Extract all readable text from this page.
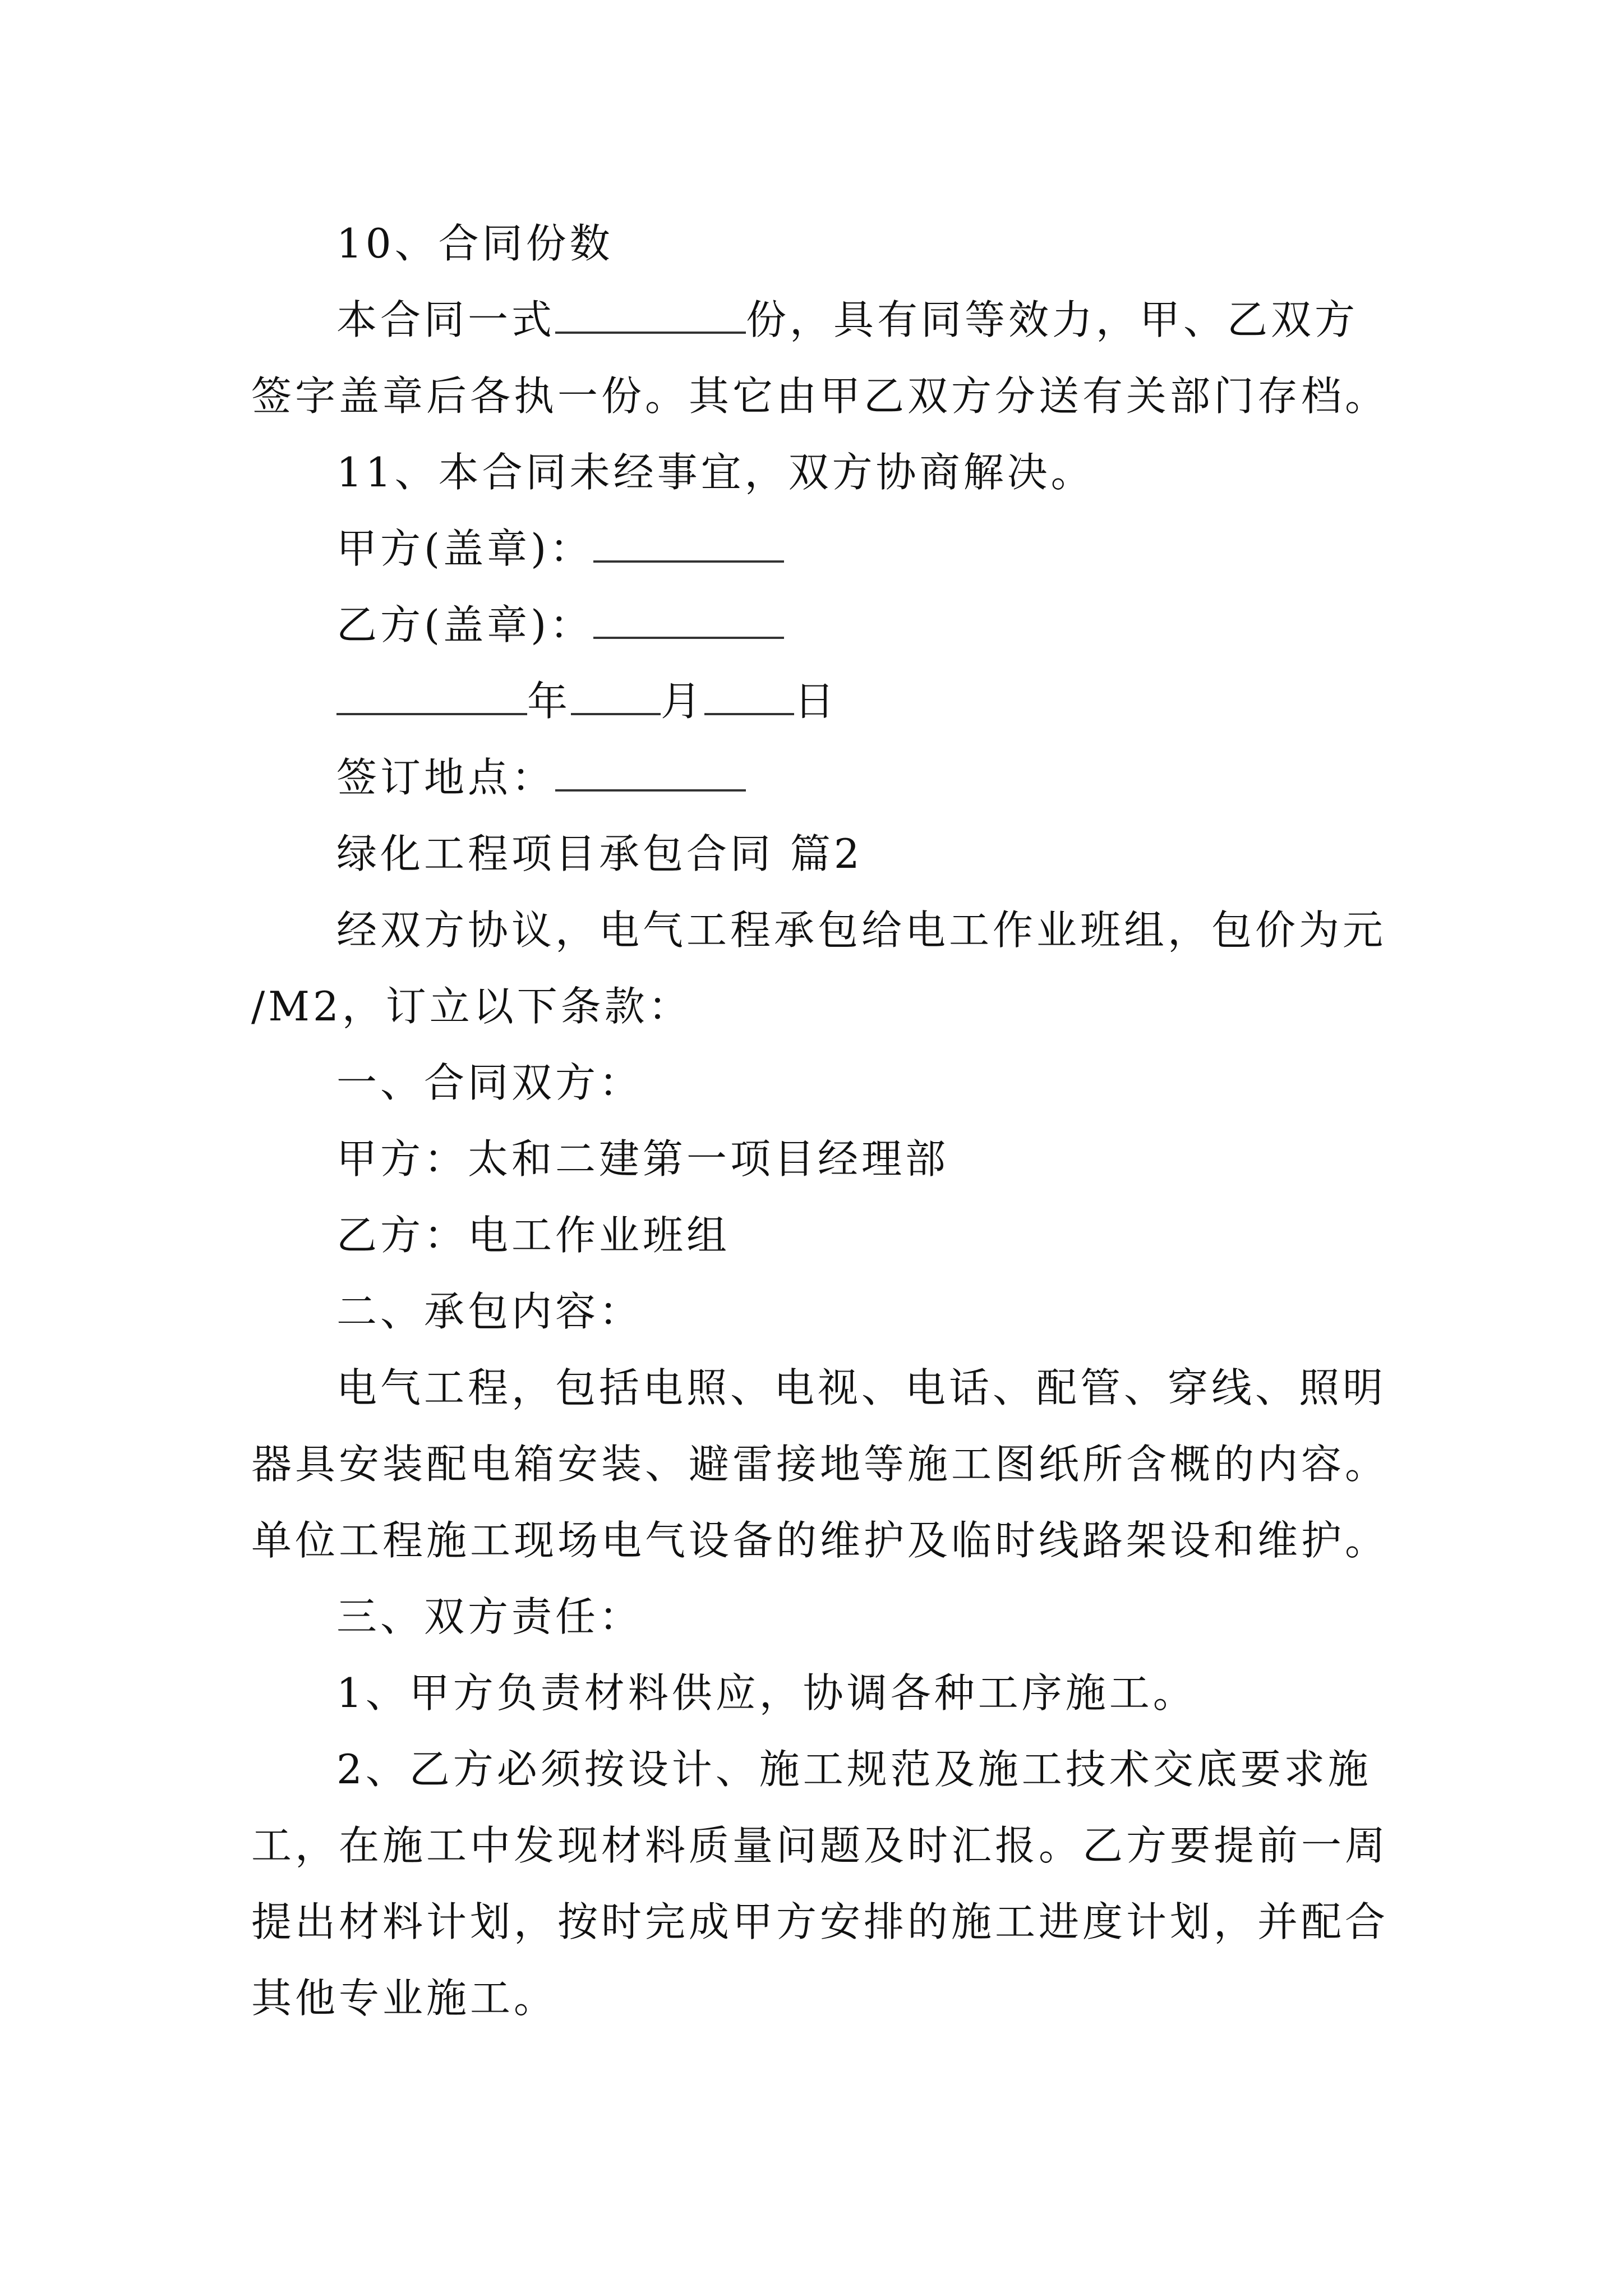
10、合同份数
本合同一式	份，具有同等效力，甲、乙双方
签字盖章后各执一份。其它由甲乙双方分送有关部门存档。
11、本合同未经事宜，双方协商解决。
甲方(盖章)：
乙方(盖章)：
年 月 日
签订地点：
绿化工程项目承包合同 篇2
经双方协议，电气工程承包给电工作业班组，包价为元
/M2，订立以下条款：
一、合同双方：
甲方：太和二建第一项目经理部
乙方：电工作业班组
二、承包内容：
电气工程，包括电照、电视、电话、配管、穿线、照明
器具安装配电箱安装、避雷接地等施工图纸所含概的内容。
单位工程施工现场电气设备的维护及临时线路架设和维护。
三、双方责任：
1、甲方负责材料供应，协调各种工序施工。
2、乙方必须按设计、施工规范及施工技术交底要求施
工，在施工中发现材料质量问题及时汇报。乙方要提前一周
提出材料计划，按时完成甲方安排的施工进度计划，并配合
其他专业施工。
